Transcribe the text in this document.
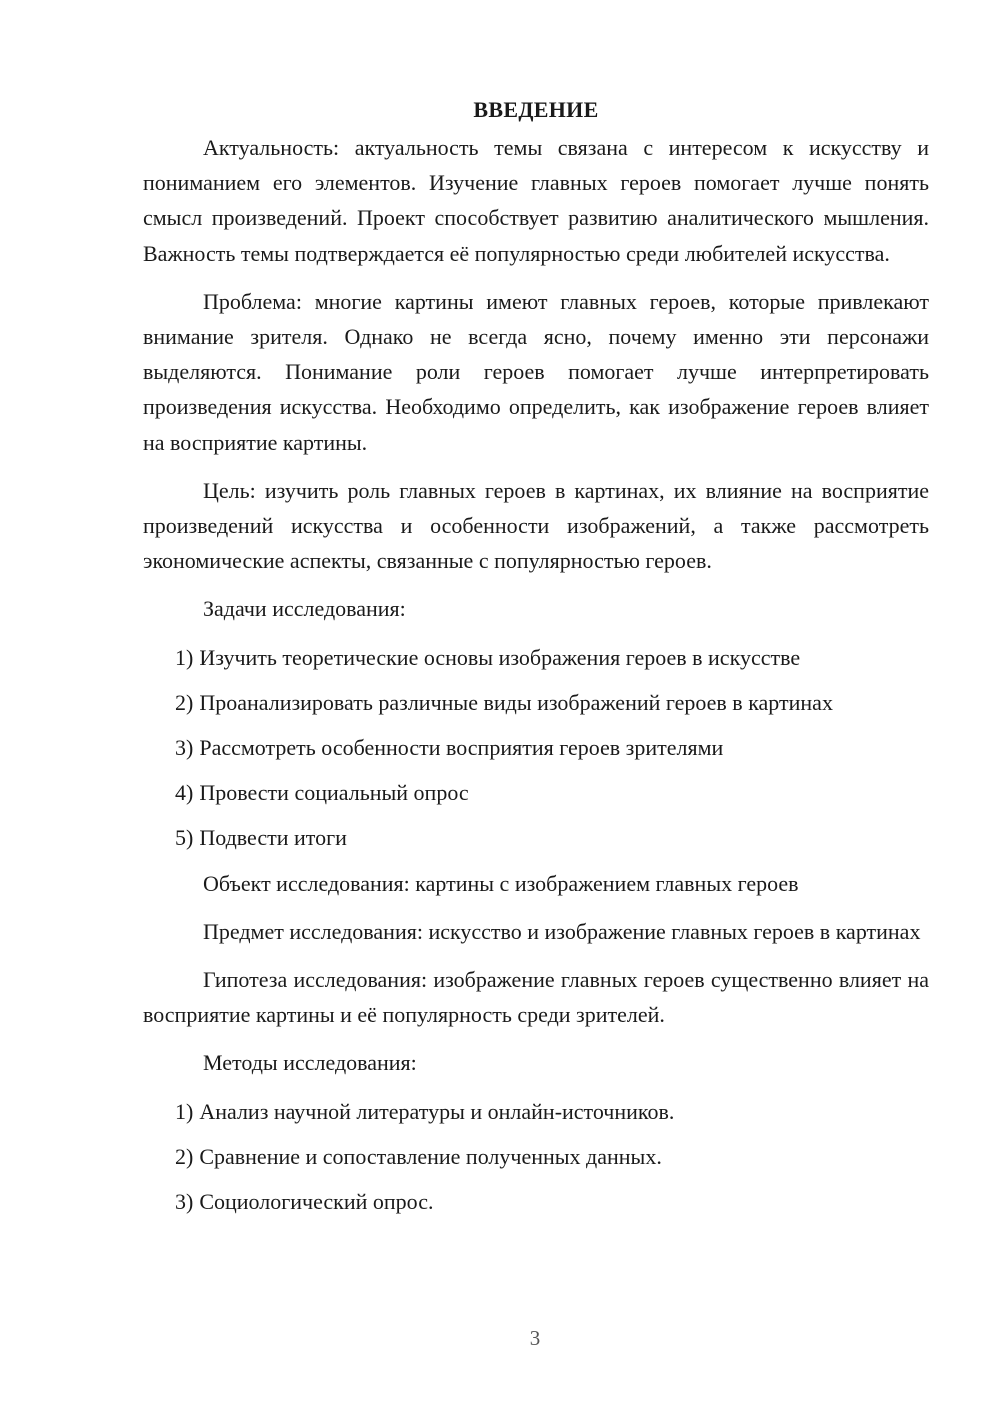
ВВЕДЕНИЕ

Актуальность: актуальность темы связана с интересом к искусству и пониманием его элементов. Изучение главных героев помогает лучше понять смысл произведений. Проект способствует развитию аналитического мышления. Важность темы подтверждается её популярностью среди любителей искусства.

Проблема: многие картины имеют главных героев, которые привлекают внимание зрителя. Однако не всегда ясно, почему именно эти персонажи выделяются. Понимание роли героев помогает лучше интерпретировать произведения искусства. Необходимо определить, как изображение героев влияет на восприятие картины.

Цель: изучить роль главных героев в картинах, их влияние на восприятие произведений искусства и особенности изображений, а также рассмотреть экономические аспекты, связанные с популярностью героев.

Задачи исследования:

1) Изучить теоретические основы изображения героев в искусстве
2) Проанализировать различные виды изображений героев в картинах
3) Рассмотреть особенности восприятия героев зрителями
4) Провести социальный опрос
5) Подвести итоги

Объект исследования: картины с изображением главных героев

Предмет исследования: искусство и изображение главных героев в картинах

Гипотеза исследования: изображение главных героев существенно влияет на восприятие картины и её популярность среди зрителей.

Методы исследования:

1) Анализ научной литературы и онлайн-источников.
2) Сравнение и сопоставление полученных данных.
3) Социологический опрос.
3
